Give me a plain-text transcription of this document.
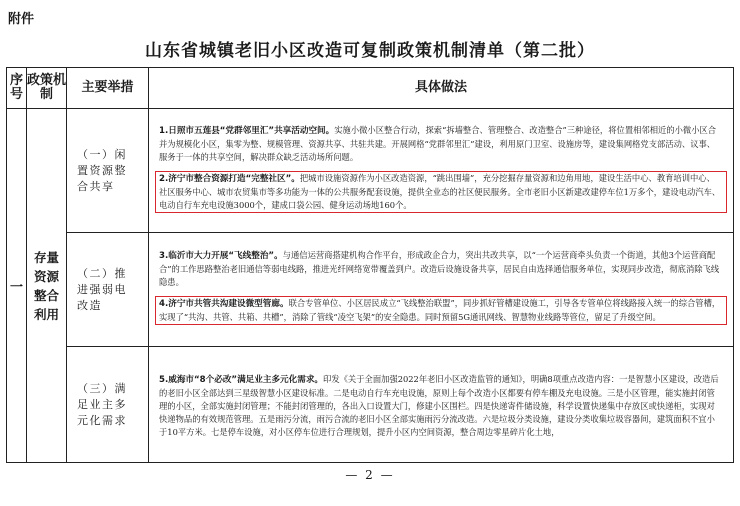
附件
山东省城镇老旧小区改造可复制政策机制清单（第二批）
序号	政策机制	主要举措	具体做法
一	存量资源整合利用	（一）闲置资源整合共享	1.日照市五莲县“党群邻里汇”共享活动空间。实施小微小区整合行动，探索“拆墙整合、管理整合、改造整合”三种途径，将位置相邻相近的小微小区合并为规模化小区，集零为整、规模管理、资源共享、共驻共建。开展网格“党群邻里汇”建设，利用原门卫室、设施房等，建设集网格党支部活动、议事、服务于一体的共享空间，解决群众缺乏活动场所问题。
2.济宁市整合资源打造“完整社区”。把城市设施资源作为小区改造资源，“跳出围墙”，充分挖掘存量资源和边角用地，建设生活中心、教育培训中心、社区服务中心、城市农贸集市等多功能为一体的公共服务配套设施，提供全业态的社区便民服务。全市老旧小区新建改建停车位1万多个，建设电动汽车、电动自行车充电设施3000个，建成口袋公园、健身运动场地160个。

		（二）推进强弱电改造	3.临沂市大力开展“飞线整治”。与通信运营商搭建机构合作平台，形成政企合力，突出共改共享，以“一个运营商牵头负责一个街道，其他3个运营商配合”的工作思路整治老旧通信等弱电线路，推进光纤网络宽带覆盖到户。改造后设施设备共享，居民自由选择通信服务单位，实现同步改造，彻底消除飞线隐患。
4.济宁市共管共沟建设微型管廊。联合专管单位、小区居民成立“飞线整治联盟”，同步抓好管槽建设施工，引导各专管单位将线路接入统一的综合管槽，实现了“共沟、共管、共箱、共槽”，消除了管线“凌空飞架”的安全隐患。同时预留5G通讯网线、智慧物业线路等管位，留足了升级空间。

		（三）满足业主多元化需求	5.威海市“8个必改”满足业主多元化需求。印发《关于全面加强2022年老旧小区改造监管的通知》，明确8项重点改造内容：一是智慧小区建设，改造后的老旧小区全部达到三星级智慧小区建设标准。二是电动自行车充电设施，原则上每个改造小区都要有停车棚及充电设施。三是小区管理，能实施封闭管理的小区，全部实施封闭管理；不能封闭管理的，各出入口设置大门，修建小区围栏。四是快递寄件储设施，科学设置快递集中存放区或快递柜，实现对快递物品的有效规范管理。五是雨污分流，雨污合流的老旧小区全部实施雨污分流改造。六是垃圾分类设施，建设分类收集垃圾容器间，建筑面积不宜小于10平方米。七是停车设施，对小区停车位进行合理规划，提升小区内空间资源，整合周边零星碎片化土地，
— 2 —
